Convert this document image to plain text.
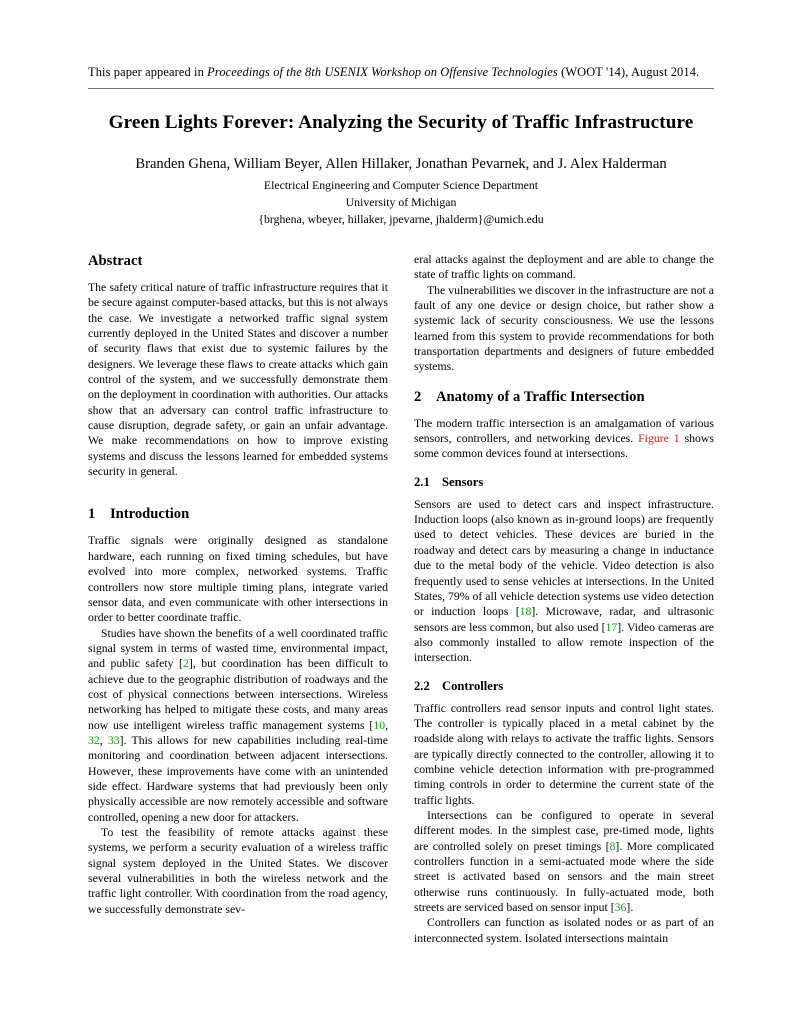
This paper appeared in Proceedings of the 8th USENIX Workshop on Offensive Technologies (WOOT '14), August 2014.
Green Lights Forever: Analyzing the Security of Traffic Infrastructure
Branden Ghena, William Beyer, Allen Hillaker, Jonathan Pevarnek, and J. Alex Halderman
Electrical Engineering and Computer Science Department
University of Michigan
{brghena, wbeyer, hillaker, jpevarne, jhalderm}@umich.edu
Abstract

The safety critical nature of traffic infrastructure requires that it be secure against computer-based attacks, but this is not always the case. We investigate a networked traffic signal system currently deployed in the United States and discover a number of security flaws that exist due to systemic failures by the designers. We leverage these flaws to create attacks which gain control of the system, and we successfully demonstrate them on the deployment in coordination with authorities. Our attacks show that an adversary can control traffic infrastructure to cause disruption, degrade safety, or gain an unfair advantage. We make recommendations on how to improve existing systems and discuss the lessons learned for embedded systems security in general.

1 Introduction

Traffic signals were originally designed as standalone hardware, each running on fixed timing schedules, but have evolved into more complex, networked systems. Traffic controllers now store multiple timing plans, integrate varied sensor data, and even communicate with other intersections in order to better coordinate traffic.

Studies have shown the benefits of a well coordinated traffic signal system in terms of wasted time, environmental impact, and public safety [2], but coordination has been difficult to achieve due to the geographic distribution of roadways and the cost of physical connections between intersections. Wireless networking has helped to mitigate these costs, and many areas now use intelligent wireless traffic management systems [10, 32, 33]. This allows for new capabilities including real-time monitoring and coordination between adjacent intersections. However, these improvements have come with an unintended side effect. Hardware systems that had previously been only physically accessible are now remotely accessible and software controlled, opening a new door for attackers.

To test the feasibility of remote attacks against these systems, we perform a security evaluation of a wireless traffic signal system deployed in the United States. We discover several vulnerabilities in both the wireless network and the traffic light controller. With coordination from the road agency, we successfully demonstrate sev-

eral attacks against the deployment and are able to change the state of traffic lights on command.

The vulnerabilities we discover in the infrastructure are not a fault of any one device or design choice, but rather show a systemic lack of security consciousness. We use the lessons learned from this system to provide recommendations for both transportation departments and designers of future embedded systems.

2 Anatomy of a Traffic Intersection

The modern traffic intersection is an amalgamation of various sensors, controllers, and networking devices. Figure 1 shows some common devices found at intersections.

2.1 Sensors

Sensors are used to detect cars and inspect infrastructure. Induction loops (also known as in-ground loops) are frequently used to detect vehicles. These devices are buried in the roadway and detect cars by measuring a change in inductance due to the metal body of the vehicle. Video detection is also frequently used to sense vehicles at intersections. In the United States, 79% of all vehicle detection systems use video detection or induction loops [18]. Microwave, radar, and ultrasonic sensors are less common, but also used [17]. Video cameras are also commonly installed to allow remote inspection of the intersection.

2.2 Controllers

Traffic controllers read sensor inputs and control light states. The controller is typically placed in a metal cabinet by the roadside along with relays to activate the traffic lights. Sensors are typically directly connected to the controller, allowing it to combine vehicle detection information with pre-programmed timing controls in order to determine the current state of the traffic lights.

Intersections can be configured to operate in several different modes. In the simplest case, pre-timed mode, lights are controlled solely on preset timings [8]. More complicated controllers function in a semi-actuated mode where the side street is activated based on sensors and the main street otherwise runs continuously. In fully-actuated mode, both streets are serviced based on sensor input [36].

Controllers can function as isolated nodes or as part of an interconnected system. Isolated intersections maintain
